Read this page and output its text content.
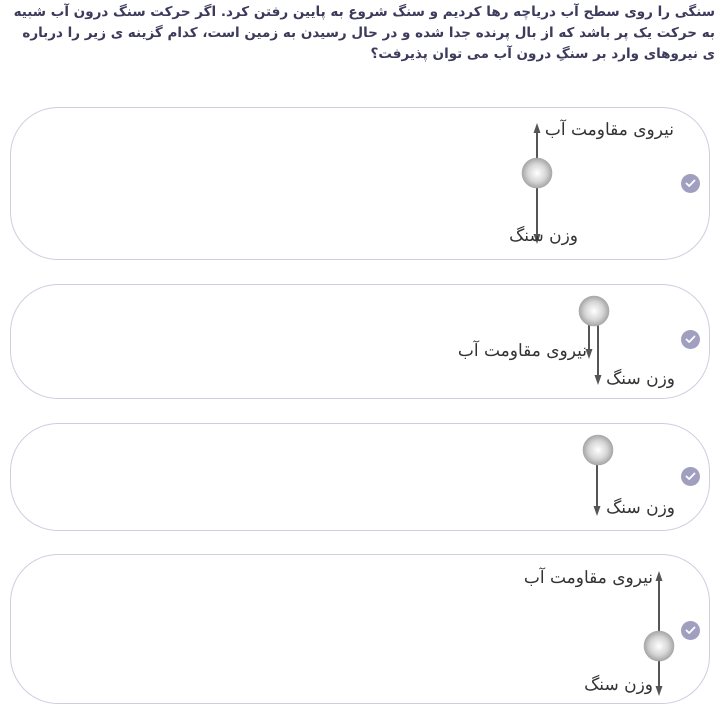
سنگی را روی سطح آب دریاچه رها کردیم و سنگ شروع به پایین رفتن کرد. اگر حرکت سنگ درون آب شبیه به حرکت یک پر باشد که از بال پرنده جدا شده و در حال رسیدن به زمین است، کدام گزینه ی زیر را درباره ی نیروهای وارد بر سنگِ درون آب می توان پذیرفت؟
نیروی مقاومت آب
وزن سنگ
نیروی مقاومت آب
وزن سنگ
وزن سنگ
نیروی مقاومت آب
وزن سنگ
